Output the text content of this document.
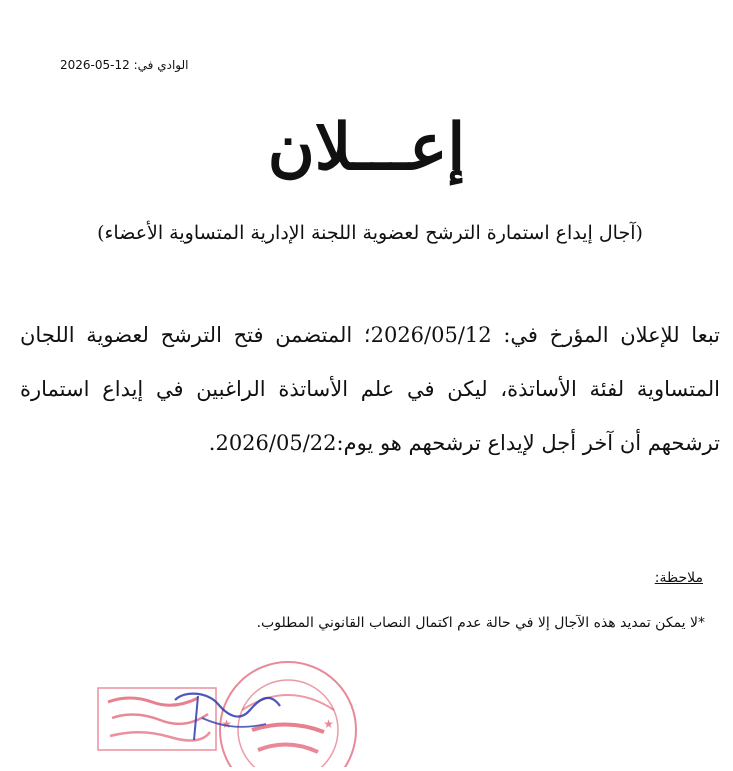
الوادي في: 12-05-2026
إعـــلان

(آجال إيداع استمارة الترشح لعضوية اللجنة الإدارية المتساوية الأعضاء)

تبعا للإعلان المؤرخ في: 2026/05/12؛ المتضمن فتح الترشح لعضوية اللجان المتساوية لفئة الأساتذة، ليكن في علم الأساتذة الراغبين في إيداع استمارة ترشحهم أن آخر أجل لإيداع ترشحهم هو يوم:2026/05/22.

ملاحظة:

*لا يمكن تمديد هذه الآجال إلا في حالة عدم اكتمال النصاب القانوني المطلوب.

★	★
